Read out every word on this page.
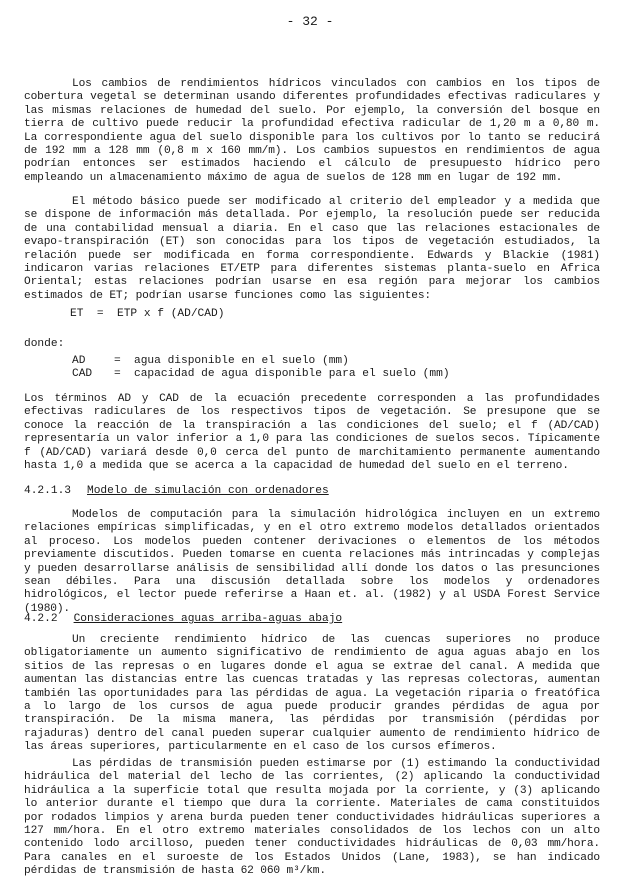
- 32 -

Los cambios de rendimientos hídricos vinculados con cambios en los tipos de cobertura vegetal se determinan usando diferentes profundidades efectivas radiculares y las mismas relaciones de humedad del suelo. Por ejemplo, la conversión del bosque en tierra de cultivo puede reducir la profundidad efectiva radicular de 1,20 m a 0,80 m. La correspondiente agua del suelo disponible para los cultivos por lo tanto se reducirá de 192 mm a 128 mm (0,8 m x 160 mm/m). Los cambios supuestos en rendimientos de agua podrían entonces ser estimados haciendo el cálculo de presupuesto hídrico pero empleando un almacenamiento máximo de agua de suelos de 128 mm en lugar de 192 mm.

El método básico puede ser modificado al criterio del empleador y a medida que se dispone de información más detallada. Por ejemplo, la resolución puede ser reducida de una contabilidad mensual a diaria. En el caso que las relaciones estacionales de evapo-transpiración (ET) son conocidas para los tipos de vegetación estudiados, la relación puede ser modificada en forma correspondiente. Edwards y Blackie (1981) indicaron varias relaciones ET/ETP para diferentes sistemas planta-suelo en Africa Oriental; estas relaciones podrían usarse en esa región para mejorar los cambios estimados de ET; podrían usarse funciones como las siguientes:

ET  =  ETP x f (AD/CAD)
donde:
AD	= agua disponible en el suelo (mm)
CAD = capacidad de agua disponible para el suelo (mm)

Los términos AD y CAD de la ecuación precedente corresponden a las profundidades efectivas radiculares de los respectivos tipos de vegetación. Se presupone que se conoce la reacción de la transpiración a las condiciones del suelo; el f (AD/CAD) representaría un valor inferior a 1,0 para las condiciones de suelos secos. Típicamente f (AD/CAD) variará desde 0,0 cerca del punto de marchitamiento permanente aumentando hasta 1,0 a medida que se acerca a la capacidad de humedad del suelo en el terreno.

4.2.1.3 Modelo de simulación con ordenadores

Modelos de computación para la simulación hidrológica incluyen en un extremo relaciones empíricas simplificadas, y en el otro extremo modelos detallados orientados al proceso. Los modelos pueden contener derivaciones o elementos de los métodos previamente discutidos. Pueden tomarse en cuenta relaciones más intrincadas y complejas y pueden desarrollarse análisis de sensibilidad allí donde los datos o las presunciones sean débiles. Para una discusión detallada sobre los modelos y ordenadores hidrológicos, el lector puede referirse a Haan et. al. (1982) y al USDA Forest Service (1980).

4.2.2 Consideraciones aguas arriba-aguas abajo

Un creciente rendimiento hídrico de las cuencas superiores no produce obligatoriamente un aumento significativo de rendimiento de agua aguas abajo en los sitios de las represas o en lugares donde el agua se extrae del canal. A medida que aumentan las distancias entre las cuencas tratadas y las represas colectoras, aumentan también las oportunidades para las pérdidas de agua. La vegetación riparia o freatófica a lo largo de los cursos de agua puede producir grandes pérdidas de agua por transpiración. De la misma manera, las pérdidas por transmisión (pérdidas por rajaduras) dentro del canal pueden superar cualquier aumento de rendimiento hídrico de las áreas superiores, particularmente en el caso de los cursos efímeros.

Las pérdidas de transmisión pueden estimarse por (1) estimando la conductividad hidráulica del material del lecho de las corrientes, (2) aplicando la conductividad hidráulica a la superficie total que resulta mojada por la corriente, y (3) aplicando lo anterior durante el tiempo que dura la corriente. Materiales de cama constituidos por rodados limpios y arena burda pueden tener conductividades hidráulicas superiores a 127 mm/hora. En el otro extremo materiales consolidados de los lechos con un alto contenido lodo arcilloso, pueden tener conductividades hidráulicas de 0,03 mm/hora. Para canales en el suroeste de los Estados Unidos (Lane, 1983), se han indicado pérdidas de transmisión de hasta 62 060 m³/km.
